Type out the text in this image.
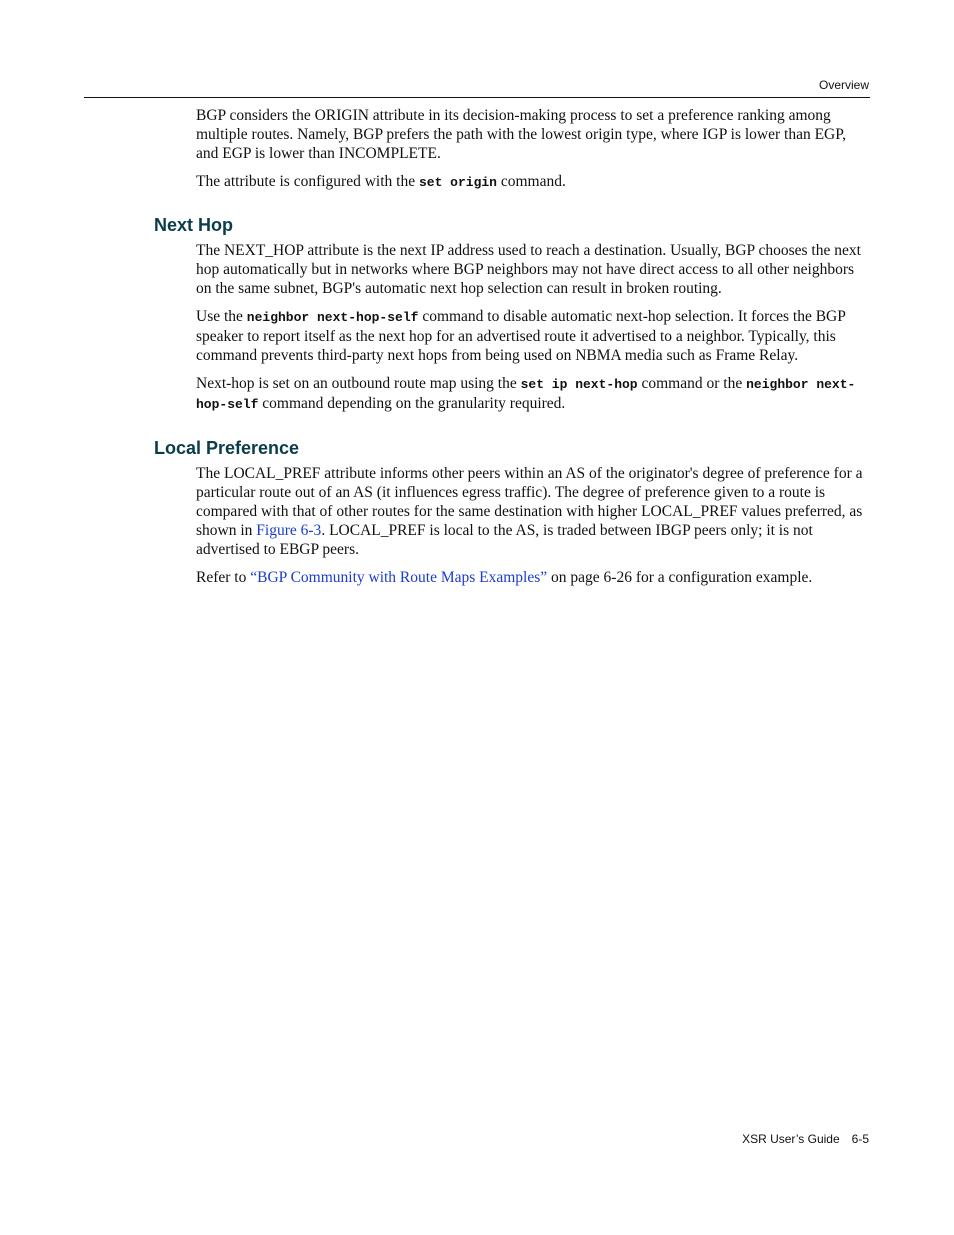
Overview

BGP considers the ORIGIN attribute in its decision-making process to set a preference ranking among multiple routes. Namely, BGP prefers the path with the lowest origin type, where IGP is lower than EGP, and EGP is lower than INCOMPLETE.

The attribute is configured with the set origin command.

Next Hop

The NEXT_HOP attribute is the next IP address used to reach a destination. Usually, BGP chooses the next hop automatically but in networks where BGP neighbors may not have direct access to all other neighbors on the same subnet, BGP's automatic next hop selection can result in broken routing.

Use the neighbor next-hop-self command to disable automatic next-hop selection. It forces the BGP speaker to report itself as the next hop for an advertised route it advertised to a neighbor. Typically, this command prevents third-party next hops from being used on NBMA media such as Frame Relay.

Next-hop is set on an outbound route map using the set ip next-hop command or the neighbor next-hop-self command depending on the granularity required.

Local Preference

The LOCAL_PREF attribute informs other peers within an AS of the originator's degree of preference for a particular route out of an AS (it influences egress traffic). The degree of preference given to a route is compared with that of other routes for the same destination with higher LOCAL_PREF values preferred, as shown in Figure 6-3. LOCAL_PREF is local to the AS, is traded between IBGP peers only; it is not advertised to EBGP peers.

Refer to “BGP Community with Route Maps Examples” on page 6-26 for a configuration example.

XSR User’s Guide 6-5
